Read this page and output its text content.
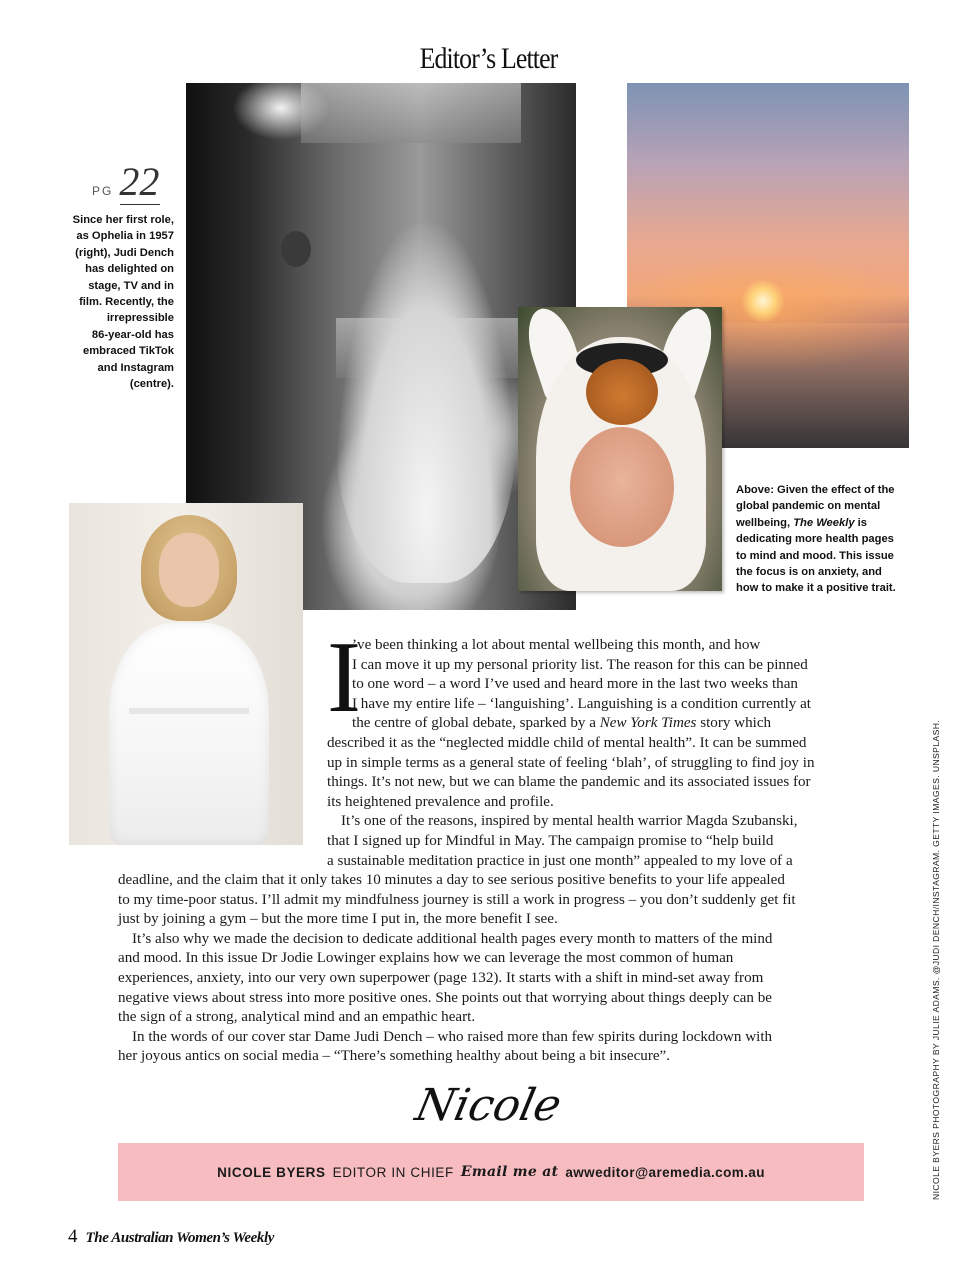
Editor’s Letter
PG 22
Since her first role,
as Ophelia in 1957
(right), Judi Dench
has delighted on
stage, TV and in
film. Recently, the
irrepressible
86-year-old has
embraced TikTok
and Instagram
(centre).
Above: Given the effect of the
global pandemic on mental
wellbeing, The Weekly is
dedicating more health pages
to mind and mood. This issue
the focus is on anxiety, and
how to make it a positive trait.
I
’ve been thinking a lot about mental wellbeing this month, and how
I can move it up my personal priority list. The reason for this can be pinned
to one word – a word I’ve used and heard more in the last two weeks than
I have my entire life – ‘languishing’. Languishing is a condition currently at
the centre of global debate, sparked by a New York Times story which
described it as the “neglected middle child of mental health”. It can be summed
up in simple terms as a general state of feeling ‘blah’, of struggling to find joy in
things. It’s not new, but we can blame the pandemic and its associated issues for
its heightened prevalence and profile.
It’s one of the reasons, inspired by mental health warrior Magda Szubanski,
that I signed up for Mindful in May. The campaign promise to “help build
a sustainable meditation practice in just one month” appealed to my love of a
deadline, and the claim that it only takes 10 minutes a day to see serious positive benefits to your life appealed
to my time-poor status. I’ll admit my mindfulness journey is still a work in progress – you don’t suddenly get fit
just by joining a gym – but the more time I put in, the more benefit I see.
It’s also why we made the decision to dedicate additional health pages every month to matters of the mind
and mood. In this issue Dr Jodie Lowinger explains how we can leverage the most common of human
experiences, anxiety, into our very own superpower (page 132). It starts with a shift in mind-set away from
negative views about stress into more positive ones. She points out that worrying about things deeply can be
the sign of a strong, analytical mind and an empathic heart.
In the words of our cover star Dame Judi Dench – who raised more than few spirits during lockdown with
her joyous antics on social media – “There’s something healthy about being a bit insecure”.
Nicole
NICOLE BYERS EDITOR IN CHIEF Email me at awweditor@aremedia.com.au
4 The Australian Women’s Weekly
NICOLE BYERS PHOTOGRAPHY BY JULIE ADAMS. @JUDI DENCH/INSTAGRAM. GETTY IMAGES. UNSPLASH.
